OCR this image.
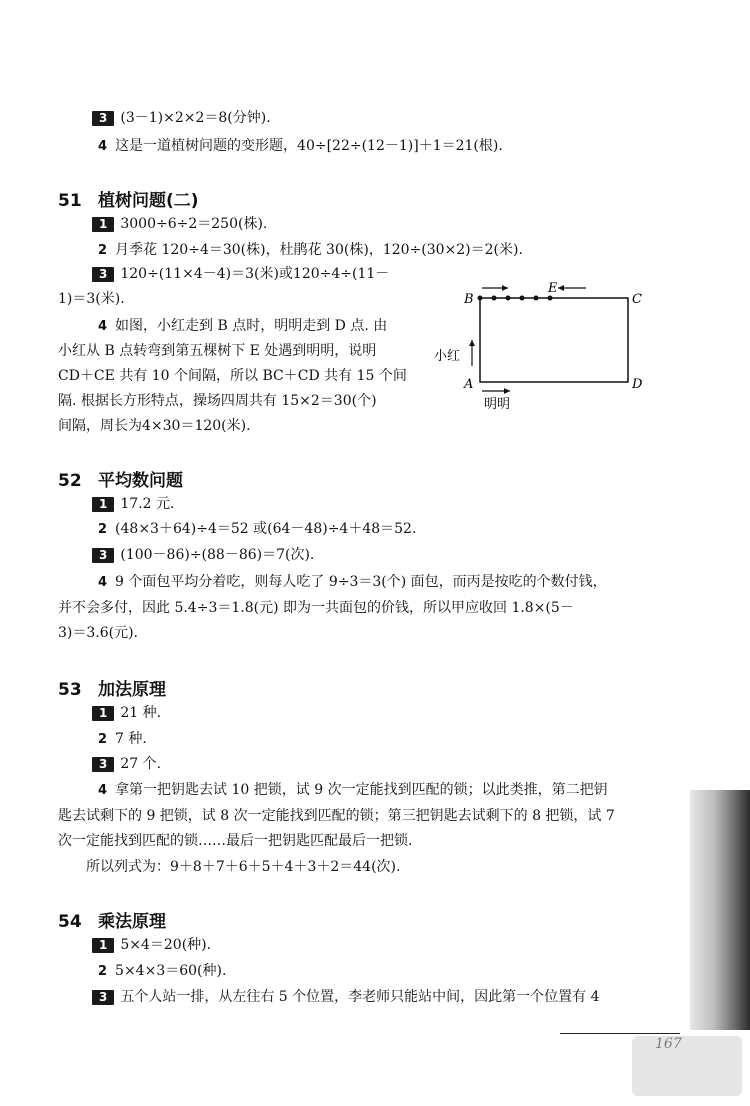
3 (3－1)×2×2＝8(分钟).
4 这是一道植树问题的变形题，40÷[22÷(12－1)]＋1＝21(根).
51 植树问题(二)
1 3000÷6÷2＝250(株).
2 月季花 120÷4＝30(株)，杜鹃花 30(株)，120÷(30×2)＝2(米).
3 120÷(11×4－4)＝3(米)或120÷4÷(11－
1)＝3(米).
4 如图，小红走到 B 点时，明明走到 D 点. 由
小红从 B 点转弯到第五棵树下 E 处遇到明明，说明
CD＋CE 共有 10 个间隔，所以 BC＋CD 共有 15 个间
隔. 根据长方形特点，操场四周共有 15×2＝30(个)
间隔，周长为4×30＝120(米).
B	C
E
A	D
小红
明明
52 平均数问题
1 17.2 元.
2 (48×3＋64)÷4＝52 或(64－48)÷4＋48＝52.
3 (100－86)÷(88－86)＝7(次).
4 9 个面包平均分着吃，则每人吃了 9÷3＝3(个) 面包，而丙是按吃的个数付钱，
并不会多付，因此 5.4÷3＝1.8(元) 即为一共面包的价钱，所以甲应收回 1.8×(5－
3)＝3.6(元).
53 加法原理
1 21 种.
2 7 种.
3 27 个.
4 拿第一把钥匙去试 10 把锁，试 9 次一定能找到匹配的锁；以此类推，第二把钥
匙去试剩下的 9 把锁，试 8 次一定能找到匹配的锁；第三把钥匙去试剩下的 8 把锁，试 7
次一定能找到匹配的锁……最后一把钥匙匹配最后一把锁.
所以列式为：9＋8＋7＋6＋5＋4＋3＋2＝44(次).
54 乘法原理
1 5×4＝20(种).
2 5×4×3＝60(种).
3 五个人站一排，从左往右 5 个位置，李老师只能站中间，因此第一个位置有 4
